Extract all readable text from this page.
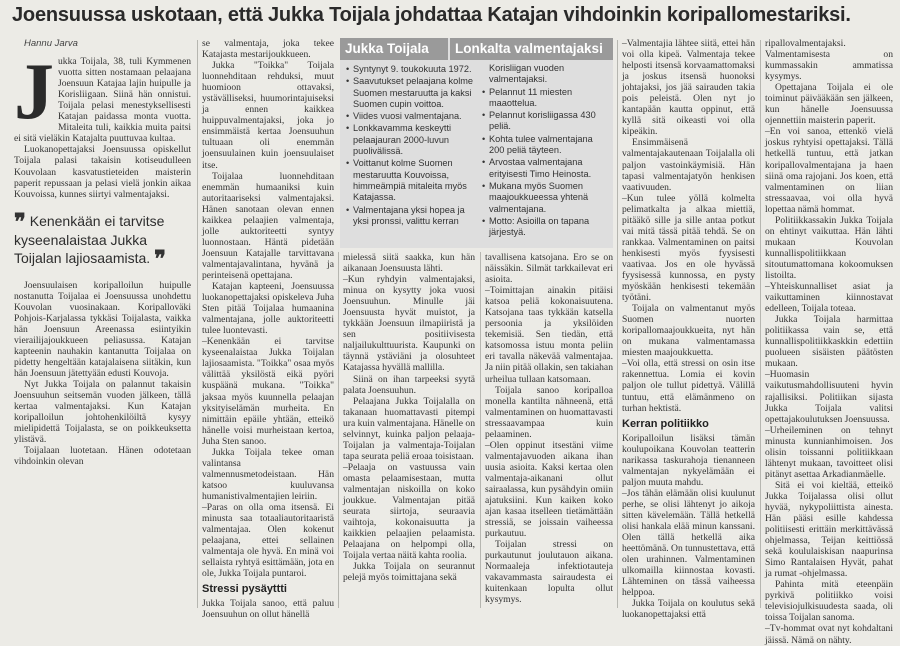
Joensuussa uskotaan, että Jukka Toijala johdattaa Katajan vihdoinkin koripallomestariksi.
Hannu Jarva
J ukka Toijala, 38, tuli Kymmenen vuotta sitten nostamaan pelaajana Joensuun Katajaa lajin huipulle ja Korisliigaan. Siinä hän onnistui. Toijala pelasi menestyksellisesti Katajan paidassa monta vuotta. Mitaleita tuli, kaikkia muita paitsi ei sitä vieläkin Katajalta puuttuvaa kultaa.

Luokanopettajaksi Joensuussa opiskellut Toijala palasi takaisin kotiseudulleen Kouvolaan kasvatustieteiden maisterin paperit repussaan ja pelasi vielä jonkin aikaa Kouvoissa, kunnes siirtyi valmentajaksi.

❞ Kenenkään ei tarvitse kyseenalaistaa Jukka Toijalan lajiosaamista. ❞

Joensuulaisen koripalloilun huipulle nostanutta Toijalaa ei Joensuussa unohdettu Kouvolan vuosinakaan. Koripalloväki Pohjois-Karjalassa tykkäsi Toijalasta, vaikka hän Joensuun Areenassa esiintyikin vierailijajoukkueen peliasussa. Katajan kapteenin nauhakin kantanutta Toijalaa on pidetty hengeltään katajalaisena siitäkin, kun hän Joensuun jätettyään edusti Kouvoja.

Nyt Jukka Toijala on palannut takaisin Joensuuhun seitsemän vuoden jälkeen, tällä kertaa valmentajaksi. Kun Katajan koripalloilun johtohenkilöiltä kysyy mielipidettä Toijalasta, se on poikkeuksetta ylistävä.

Toijalaan luotetaan. Hänen odotetaan vihdoinkin olevan

se valmentaja, joka tekee Katajasta mestarijoukkueen.

Jukka "Toikka" Toijala luonnehditaan rehduksi, muut huomioon ottavaksi, ystävälliseksi, huumorintajuiseksi ja ennen kaikkea huippuvalmentajaksi, joka jo ensimmäistä kertaa Joensuuhun tultuaan oli enemmän joensuulainen kuin joensuulaiset itse.

Toijalaa luonnehditaan enemmän humaaniksi kuin autoritaariseksi valmentajaksi. Hänen sanotaan olevan ennen kaikkea pelaajien valmentaja, jolle auktoriteetti syntyy luonnostaan. Häntä pidetään Joensuun Katajalle tarvittavana valmentajavalintana, hyvänä ja perinteisenä opettajana.

Katajan kapteeni, Joensuussa luokanopettajaksi opiskeleva Juha Sten pitää Toijalaa humaanina valmentajana, jolle auktoriteetti tulee luontevasti.

–Kenenkään ei tarvitse kyseenalaistaa Jukka Toijalan lajiosaamista. "Toikka" osaa myös välittää yksilöstä eikä pyöri kuspäänä mukana. "Toikka" jaksaa myös kuunnella pelaajan yksityiselämän murheita. En nimittäin epäile yhtään, etteikö hänelle voisi murheistaan kertoa, Juha Sten sanoo.

Jukka Toijala tekee oman valintansa valmennusmetodeistaan. Hän katsoo kuuluvansa humanistivalmentajien leiriin.

–Paras on olla oma itsensä. Ei minusta saa totaaliautoritaaristä valmentajaa. Olen kokenut pelaajana, ettei sellainen valmentaja ole hyvä. En minä voi sellaista ryhtyä esittämään, jota en ole, Jukka Toijala puntaroi.

Stressi pysäyttti

Jukka Toijala sanoo, että paluu Joensuuhun on ollut hänellä

Jukka Toijala	Lonkalta valmentajaksi
• Syntynyt 9. toukokuuta 1972.
• Saavutukset pelaajana kolme Suomen mestaruutta ja kaksi Suomen cupin voittoa.
• Viides vuosi valmentajana.
• Lonkkavamma keskeytti pelaajauran 2000-luvun puolivälissä.
• Voittanut kolme Suomen mestaruutta Kouvoissa, himmeämpiä mitaleita myös Katajassa.
• Valmentajana yksi hopea ja yksi pronssi, valittu kerran
Korisliigan vuoden valmentajaksi.
• Pelannut 11 miesten maaottelua.
• Pelannut korisliigassa 430 peliä.
• Kohta tulee valmentajana 200 peliä täyteen.
• Arvostaa valmentajana erityisesti Timo Heinosta.
• Mukana myös Suomen maajoukkueessa yhtenä valmentajana.
• Motto: Asioilla on tapana järjestyä.

mielessä siitä saakka, kun hän aikanaan Joensuusta lähti.

–Kun ryhdyin valmentajaksi, minua on kysytty joka vuosi Joensuuhun. Minulle jäi Joensuusta hyvät muistot, ja tykkään Joensuun ilmapiiristä ja sen positiivisesta naljailukulttuurista. Kaupunki on täynnä ystäviäni ja olosuhteet Katajassa hyvällä mallilla.

Siinä on ihan tarpeeksi syytä palata Joensuuhun.

Pelaajana Jukka Toijalalla on takanaan huomattavasti pitempi ura kuin valmentajana. Hänelle on selvinnyt, kuinka paljon pelaaja-Toijalan ja valmentaja-Toijalan tapa seurata peliä eroaa toisistaan.

–Pelaaja on vastuussa vain omasta pelaamisestaan, mutta valmentajan niskoilla on koko joukkue. Valmentajan pitää seurata siirtoja, seuraavia vaihtoja, kokonaisuutta ja kaikkien pelaajien pelaamista. Pelaajana on helpompi olla, Toijala vertaa näitä kahta roolia.

Jukka Toijala on seurannut pelejä myös toimittajana sekä

tavallisena katsojana. Ero se on näissäkin. Silmät tarkkailevat eri asioita.

–Toimittajan ainakin pitäisi katsoa peliä kokonaisuutena. Katsojana taas tykkään katsella persoonia ja yksilöiden tekemisiä. Sen tiedän, että katsomossa istuu monta peliin eri tavalla näkevää valmentajaa. Ja niin pitää ollakin, sen takiahan urheilua tullaan katsomaan.

Toijala sanoo koripalloa monella kantilta nähneenä, että valmentaminen on huomattavasti stressaavampaa kuin pelaaminen.

–Olen oppinut itsestäni viime valmentajavuoden aikana ihan uusia asioita. Kaksi kertaa olen valmentaja-aikanani ollut sairaalassa, kun pysähdyin omiin ajatuksiini. Kun kaiken koko ajan kasaa itselleen tietämättään stressiä, se joissain vaiheessa purkautuu.

Toijalan stressi on purkautunut joulutauon aikana. Normaaleja infektiotauteja vakavammasta sairaudesta ei kuitenkaan lopulta ollut kysymys.

–Valmentajia lähtee siitä, ettei hän voi olla kipeä. Valmentaja tekee helposti itsensä korvaamattomaksi ja joskus itsensä huonoksi johtajaksi, jos jää sairauden takia pois peleistä. Olen nyt jo kantapään kautta oppinut, että kyllä sitä oikeasti voi olla kipeäkin.

Ensimmäisenä valmentajakautenaan Toijalalla oli paljon vastoinkäymisiä. Hän tapasi valmentajatyön henkisen vaativuuden.

–Kun tulee yöllä kolmelta pelimatkalta ja alkaa miettiä, pitääkö sille ja sille antaa potkut vai mitä tässä pitää tehdä. Se on rankkaa. Valmentaminen on paitsi henkisesti myös fyysisesti vaativaa. Jos en ole hyvässä fyysisessä kunnossa, en pysty myöskään henkisesti tekemään työtäni.

Toijala on valmentanut myös Suomen nuorten koripallomaajoukkueita, nyt hän on mukana valmentamassa miesten maajoukkuetta.

–Voi olla, että stressi on osin itse rakennettua. Lomia ei kovin paljon ole tullut pidettyä. Välillä tuntuu, että elämänmeno on turhan hektistä.

Kerran politiikko

Koripalloilun lisäksi tämän koulupoikana Kouvolan teatterin narikassa taskurahoja tienanneen valmentajan nykyelämään ei paljon muuta mahdu.

–Jos tähän elämään olisi kuulunut perhe, se olisi lähtenyt jo aikoja sitten kävelemään. Tällä hetkellä olisi hankala elää minun kanssani. Olen tällä hetkellä aika heettömänä. On tunnustettava, että olen urahinnen. Valmentaminen ulkomailla kiinnostaa kovasti. Lähteminen on tässä vaiheessa helppoa.

Jukka Toijala on koulutus sekä luokanopettajaksi että

ripallovalmentajaksi. Valmentamisesta on kummassakin ammatissa kysymys.

Opettajana Toijala ei ole toiminut päivääkään sen jälkeen, kun hänelle Joensuussa ojennettiin maisterin paperit.

–En voi sanoa, ettenkö vielä joskus ryhtyisi opettajaksi. Tällä hetkellä tuntuu, että jatkan koripallovalmentajana ja haen siinä oma rajojani. Jos koen, että valmentaminen on liian stressaavaa, voi olla hyvä lopettaa nämä hommat.

Politiikkassakin Jukka Toijala on ehtinyt vaikuttaa. Hän lähti mukaan Kouvolan kunnallispolitiikkaan sitoutumattomana kokoomuksen listoilta.

–Yhteiskunnalliset asiat ja vaikuttaminen kiinnostavat edelleen, Toijala toteaa.

Jukka Toijala harmittaa politiikassa vain se, että kunnallispolitiikkaskkin edettiin puolueen sisäisten päätösten mukaan.

–Huomasin vaikutusmahdollisuuteni hyvin rajallisiksi. Politiikan sijasta Jukka Toijala valitsi opettajakoulutuksen Joensuussa.

–Urheileminen on tehnyt minusta kunnianhimoisen. Jos olisin toissanni politiikkaan lähtenyt mukaan, tavoitteet olisi pitänyt asettaa Arkadianmäelle.

Sitä ei voi kieltää, etteikö Jukka Toijalassa olisi ollut hyvää, nykypoliittista ainesta. Hän pääsi esille kahdessa politiisesti erittäin merkittävässä ohjelmassa, Teijan keittiössä sekä koululaiskisan naapurinsa Simo Rantalaisen Hyvät, pahat ja rumat -ohjelmassa.

Pahinta mitä eteenpäin pyrkivä politiikko voisi televisiojulkisuudesta saada, oli toissa Toijalan sanoma.

–Tv-hommat ovat nyt kohdaltani jäissä. Nämä on nähty.
